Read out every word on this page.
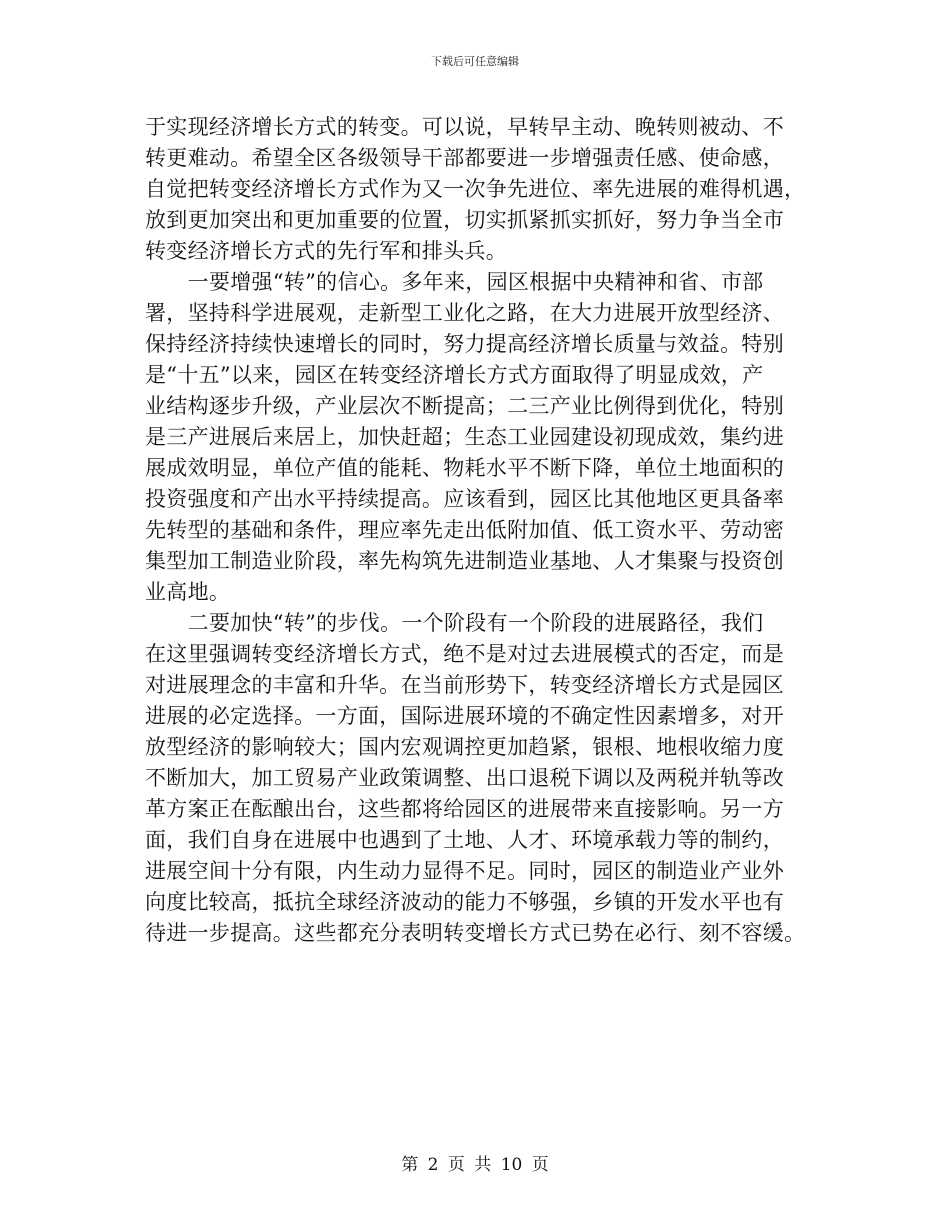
下载后可任意编辑

于实现经济增长方式的转变。可以说，早转早主动、晚转则被动、不

转更难动。希望全区各级领导干部都要进一步增强责任感、使命感，

自觉把转变经济增长方式作为又一次争先进位、率先进展的难得机遇，

放到更加突出和更加重要的位置，切实抓紧抓实抓好，努力争当全市

转变经济增长方式的先行军和排头兵。

　　一要增强“转”的信心。多年来，园区根据中央精神和省、市部

署，坚持科学进展观，走新型工业化之路，在大力进展开放型经济、

保持经济持续快速增长的同时，努力提高经济增长质量与效益。特别

是“十五”以来，园区在转变经济增长方式方面取得了明显成效，产

业结构逐步升级，产业层次不断提高；二三产业比例得到优化，特别

是三产进展后来居上，加快赶超；生态工业园建设初现成效，集约进

展成效明显，单位产值的能耗、物耗水平不断下降，单位土地面积的

投资强度和产出水平持续提高。应该看到，园区比其他地区更具备率

先转型的基础和条件，理应率先走出低附加值、低工资水平、劳动密

集型加工制造业阶段，率先构筑先进制造业基地、人才集聚与投资创

业高地。

　　二要加快“转”的步伐。一个阶段有一个阶段的进展路径，我们

在这里强调转变经济增长方式，绝不是对过去进展模式的否定，而是

对进展理念的丰富和升华。在当前形势下，转变经济增长方式是园区

进展的必定选择。一方面，国际进展环境的不确定性因素增多，对开

放型经济的影响较大；国内宏观调控更加趋紧，银根、地根收缩力度

不断加大，加工贸易产业政策调整、出口退税下调以及两税并轨等改

革方案正在酝酿出台，这些都将给园区的进展带来直接影响。另一方

面，我们自身在进展中也遇到了土地、人才、环境承载力等的制约，

进展空间十分有限，内生动力显得不足。同时，园区的制造业产业外

向度比较高，抵抗全球经济波动的能力不够强，乡镇的开发水平也有

待进一步提高。这些都充分表明转变增长方式已势在必行、刻不容缓。

第 2 页 共 10 页
